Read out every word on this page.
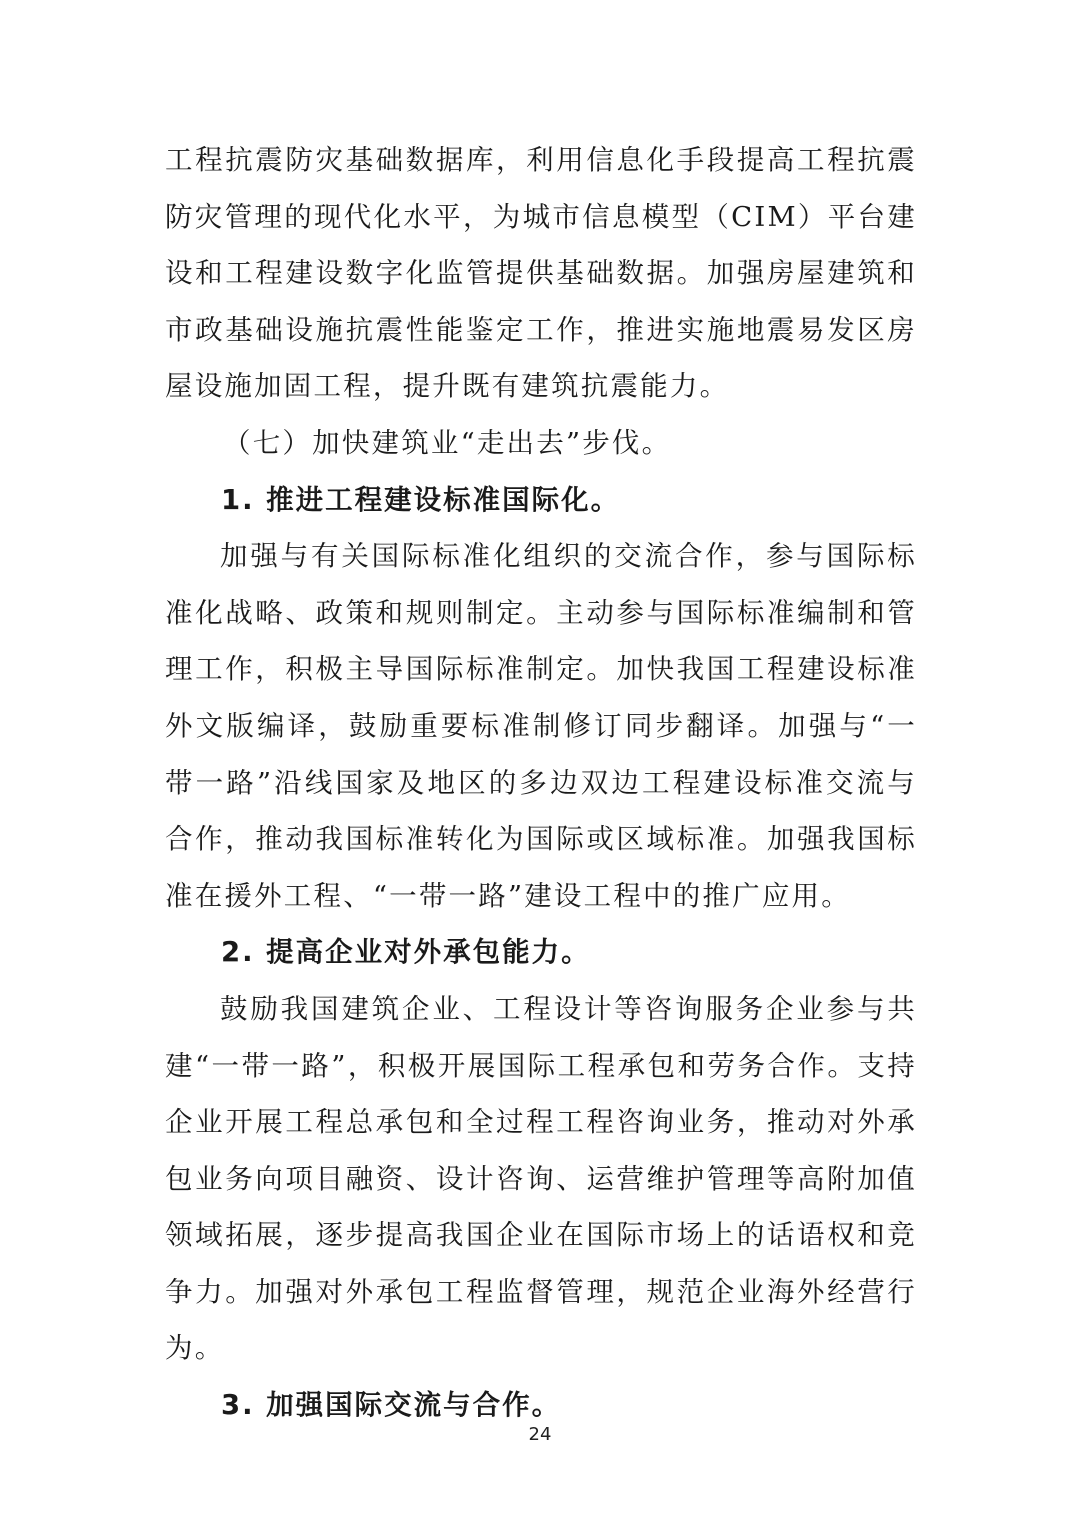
工程抗震防灾基础数据库，利用信息化手段提高工程抗震防灾管理的现代化水平，为城市信息模型（CIM）平台建设和工程建设数字化监管提供基础数据。加强房屋建筑和市政基础设施抗震性能鉴定工作，推进实施地震易发区房屋设施加固工程，提升既有建筑抗震能力。

（七）加快建筑业“走出去”步伐。

1. 推进工程建设标准国际化。

加强与有关国际标准化组织的交流合作，参与国际标准化战略、政策和规则制定。主动参与国际标准编制和管理工作，积极主导国际标准制定。加快我国工程建设标准外文版编译，鼓励重要标准制修订同步翻译。加强与“一带一路”沿线国家及地区的多边双边工程建设标准交流与合作，推动我国标准转化为国际或区域标准。加强我国标准在援外工程、“一带一路”建设工程中的推广应用。

2. 提高企业对外承包能力。

鼓励我国建筑企业、工程设计等咨询服务企业参与共建“一带一路”，积极开展国际工程承包和劳务合作。支持企业开展工程总承包和全过程工程咨询业务，推动对外承包业务向项目融资、设计咨询、运营维护管理等高附加值领域拓展，逐步提高我国企业在国际市场上的话语权和竞争力。加强对外承包工程监督管理，规范企业海外经营行为。

3. 加强国际交流与合作。

24
